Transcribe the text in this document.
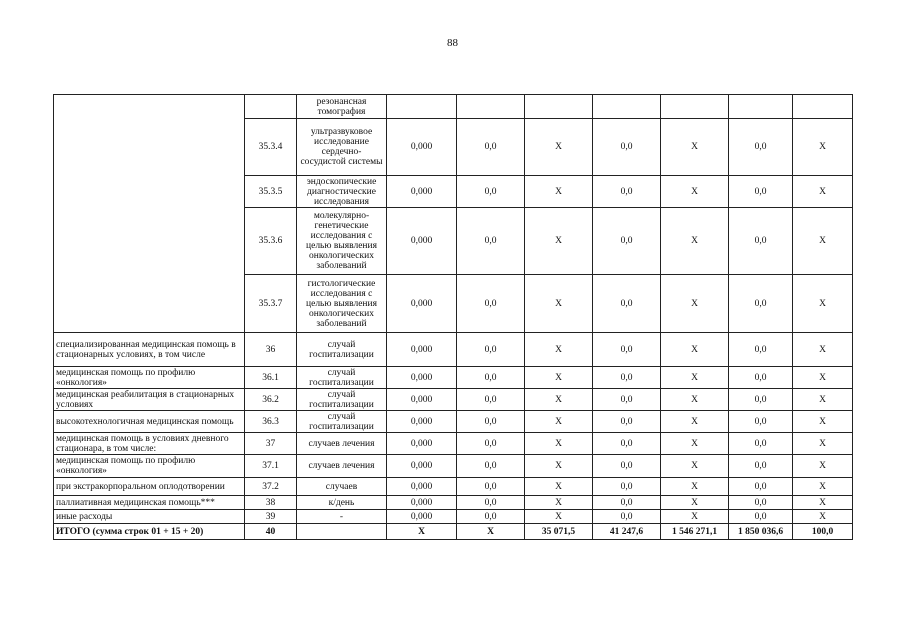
88
		резонансная томография							
	35.3.4	ультразвуковое исследование сердечно-сосудистой системы	0,000	0,0	X	0,0	X	0,0	X
	35.3.5	эндоскопические диагностические исследования	0,000	0,0	X	0,0	X	0,0	X
	35.3.6	молекулярно-генетические исследования с целью выявления онкологических заболеваний	0,000	0,0	X	0,0	X	0,0	X
	35.3.7	гистологические исследования с целью выявления онкологических заболеваний	0,000	0,0	X	0,0	X	0,0	X
специализированная медицинская помощь в стационарных условиях, в том числе	36	случай госпитализации	0,000	0,0	X	0,0	X	0,0	X
медицинская помощь по профилю «онкология»	36.1	случай госпитализации	0,000	0,0	X	0,0	X	0,0	X
медицинская реабилитация в стационарных условиях	36.2	случай госпитализации	0,000	0,0	X	0,0	X	0,0	X
высокотехнологичная медицинская помощь	36.3	случай госпитализации	0,000	0,0	X	0,0	X	0,0	X
медицинская помощь в условиях дневного стационара, в том числе:	37	случаев лечения	0,000	0,0	X	0,0	X	0,0	X
медицинская помощь по профилю «онкология»	37.1	случаев лечения	0,000	0,0	X	0,0	X	0,0	X
при экстракорпоральном оплодотворении	37.2	случаев	0,000	0,0	X	0,0	X	0,0	X
паллиативная медицинская помощь***	38	к/день	0,000	0,0	X	0,0	X	0,0	X
иные расходы	39	-	0,000	0,0	X	0,0	X	0,0	X
ИТОГО (сумма строк 01 + 15 + 20)	40		X	X	35 071,5	41 247,6	1 546 271,1	1 850 036,6	100,0
